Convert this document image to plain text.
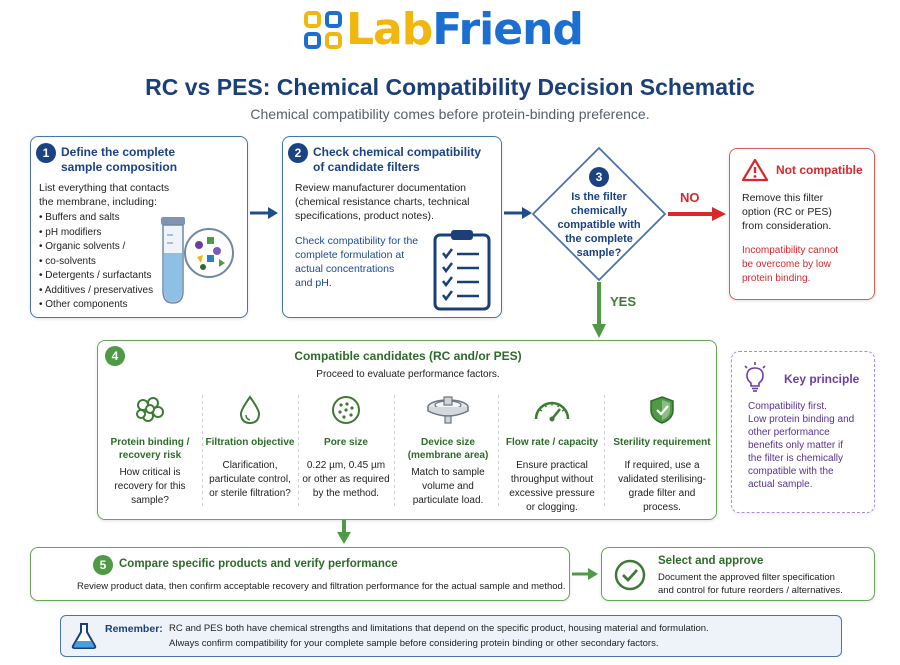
Lab Friend
RC vs PES: Chemical Compatibility Decision Schematic
Chemical compatibility comes before protein-binding preference.
1 Define the complete
sample composition
List everything that contacts
the membrane, including:
• Buffers and salts
• pH modifiers
• Organic solvents /
• co-solvents
• Detergents / surfactants
• Additives / preservatives
• Other components
2 Check chemical compatibility
of candidate filters
Review manufacturer documentation
(chemical resistance charts, technical
specifications, product notes).
Check compatibility for the
complete formulation at
actual concentrations
and pH.
3
Is the filter
chemically
compatible with
the complete
sample?
NO
YES
Not compatible
Remove this filter
option (RC or PES)
from consideration.
Incompatibility cannot
be overcome by low
protein binding.
4	Compatible candidates (RC and/or PES)
Proceed to evaluate performance factors.
Protein binding /
recovery risk
How critical is
recovery for this
sample?
Filtration objective
Clarification,
particulate control,
or sterile filtration?
Pore size
0.22 µm, 0.45 µm
or other as required
by the method.
Device size
(membrane area)
Match to sample
volume and
particulate load.
Flow rate / capacity
Ensure practical
throughput without
excessive pressure
or clogging.
Sterility requirement
If required, use a
validated sterilising-
grade filter and
process.
Key principle
Compatibility first.
Low protein binding and
other performance
benefits only matter if
the filter is chemically
compatible with the
actual sample.
5	Compare specific products and verify performance
Review product data, then confirm acceptable recovery and filtration performance for the actual sample and method.
Select and approve
Document the approved filter specification
and control for future reorders / alternatives.
Remember: RC and PES both have chemical strengths and limitations that depend on the specific product, housing material and formulation.
Always confirm compatibility for your complete sample before considering protein binding or other secondary factors.
